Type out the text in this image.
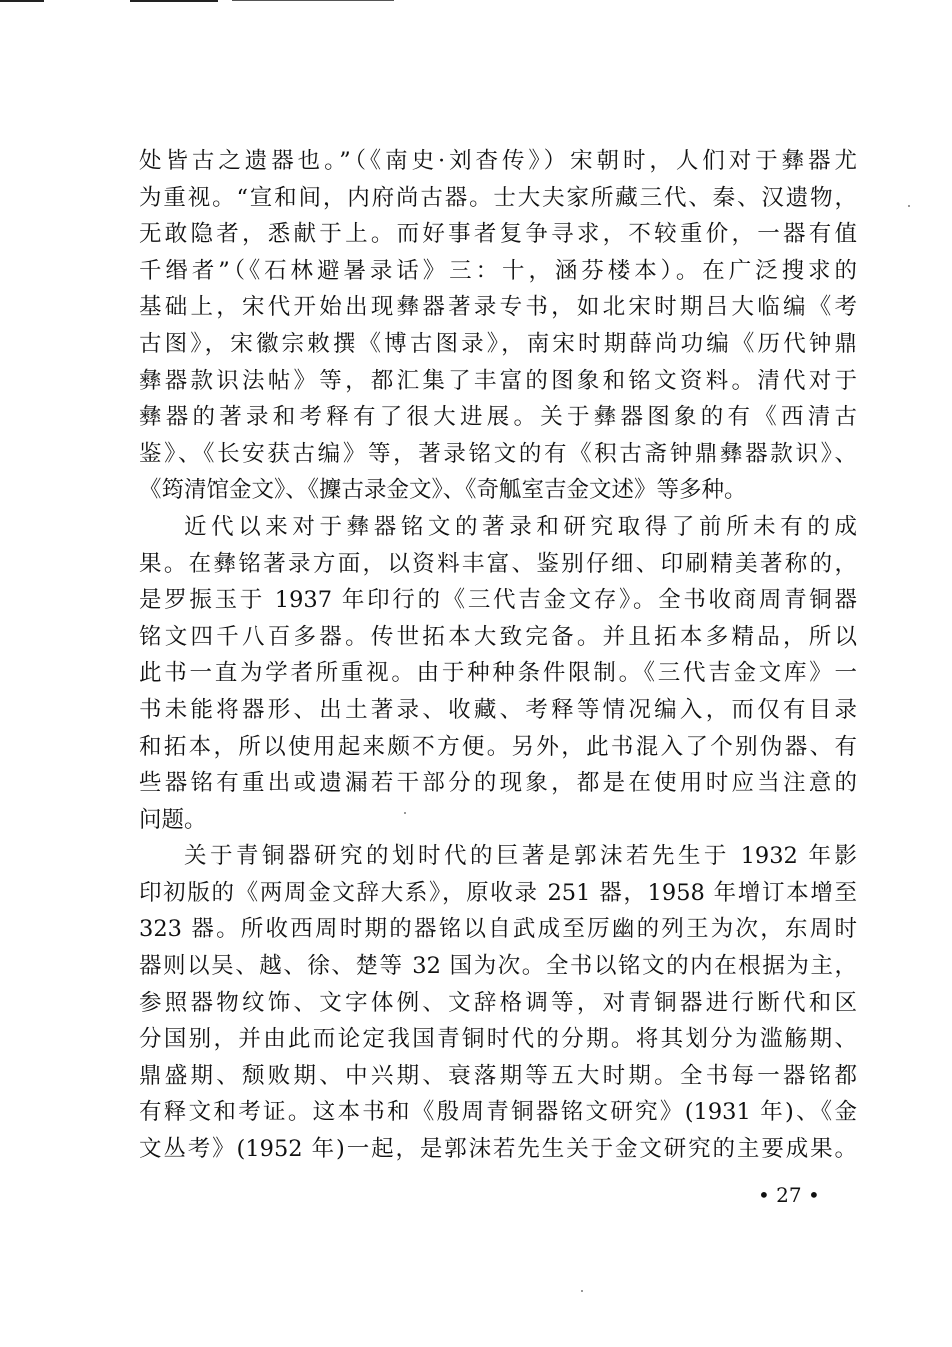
处皆古之遗器也。”（《南史·刘杳传》）宋朝时，人们对于彝器尤
为重视。“宣和间，内府尚古器。士大夫家所藏三代、秦、汉遗物，
无敢隐者，悉献于上。而好事者复争寻求，不较重价，一器有值
千缗者”（《石林避暑录话》三：十，涵芬楼本）。在广泛搜求的
基础上，宋代开始出现彝器著录专书，如北宋时期吕大临编《考
古图》，宋徽宗敕撰《博古图录》，南宋时期薛尚功编《历代钟鼎
彝器款识法帖》等，都汇集了丰富的图象和铭文资料。清代对于
彝器的著录和考释有了很大进展。关于彝器图象的有《西清古
鉴》、《长安获古编》等，著录铭文的有《积古斋钟鼎彝器款识》、
《筠清馆金文》、《攈古录金文》、《奇觚室吉金文述》等多种。
近代以来对于彝器铭文的著录和研究取得了前所未有的成
果。在彝铭著录方面，以资料丰富、鉴别仔细、印刷精美著称的，
是罗振玉于 1937 年印行的《三代吉金文存》。全书收商周青铜器
铭文四千八百多器。传世拓本大致完备。并且拓本多精品，所以
此书一直为学者所重视。由于种种条件限制。《三代吉金文库》一
书未能将器形、出土著录、收藏、考释等情况编入，而仅有目录
和拓本，所以使用起来颇不方便。另外，此书混入了个别伪器、有
些器铭有重出或遗漏若干部分的现象，都是在使用时应当注意的
问题。
关于青铜器研究的划时代的巨著是郭沫若先生于 1932 年影
印初版的《两周金文辞大系》，原收录 251 器，1958 年增订本增至
323 器。所收西周时期的器铭以自武成至厉幽的列王为次，东周时
器则以吴、越、徐、楚等 32 国为次。全书以铭文的内在根据为主，
参照器物纹饰、文字体例、文辞格调等，对青铜器进行断代和区
分国别，并由此而论定我国青铜时代的分期。将其划分为滥觞期、
鼎盛期、颓败期、中兴期、衰落期等五大时期。全书每一器铭都
有释文和考证。这本书和《殷周青铜器铭文研究》(1931 年)、《金
文丛考》(1952 年)一起，是郭沫若先生关于金文研究的主要成果。
• 27 •
